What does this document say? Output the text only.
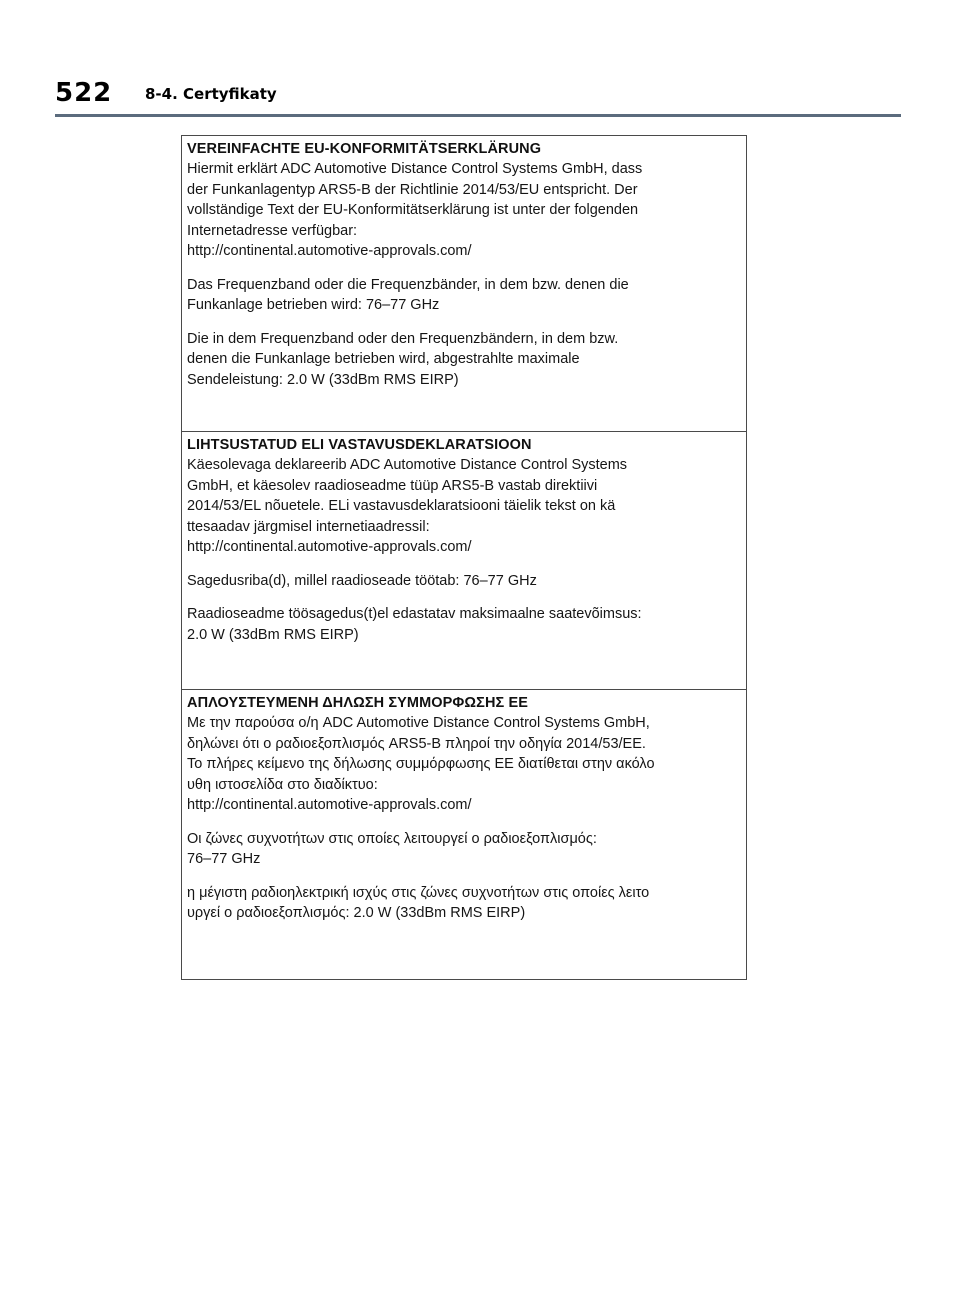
522 8-4. Certyfikaty
VEREINFACHTE EU-KONFORMITÄTSERKLÄRUNG
Hiermit erklärt ADC Automotive Distance Control Systems GmbH, dass
der Funkanlagentyp ARS5-B der Richtlinie 2014/53/EU entspricht. Der
vollständige Text der EU-Konformitätserklärung ist unter der folgenden
Internetadresse verfügbar:
http://continental.automotive-approvals.com/
Das Frequenzband oder die Frequenzbänder, in dem bzw. denen die
Funkanlage betrieben wird: 76–77 GHz
Die in dem Frequenzband oder den Frequenzbändern, in dem bzw.
denen die Funkanlage betrieben wird, abgestrahlte maximale
Sendeleistung: 2.0 W (33dBm RMS EIRP)
LIHTSUSTATUD ELI VASTAVUSDEKLARATSIOON
Käesolevaga deklareerib ADC Automotive Distance Control Systems
GmbH, et käesolev raadioseadme tüüp ARS5-B vastab direktiivi
2014/53/EL nõuetele. ELi vastavusdeklaratsiooni täielik tekst on kä
ttesaadav järgmisel internetiaadressil:
http://continental.automotive-approvals.com/
Sagedusriba(d), millel raadioseade töötab: 76–77 GHz
Raadioseadme töösagedus(t)el edastatav maksimaalne saatevõimsus:
2.0 W (33dBm RMS EIRP)
ΑΠΛΟΥΣΤΕΥΜΕΝΗ ΔΗΛΩΣΗ ΣΥΜΜΟΡΦΩΣΗΣ ΕΕ
Με την παρούσα ο/η ADC Automotive Distance Control Systems GmbH,
δηλώνει ότι ο ραδιοεξοπλισμός ARS5-B πληροί την οδηγία 2014/53/ΕΕ.
Το πλήρες κείμενο της δήλωσης συμμόρφωσης ΕΕ διατίθεται στην ακόλο
υθη ιστοσελίδα στο διαδίκτυο:
http://continental.automotive-approvals.com/
Οι ζώνες συχνοτήτων στις οποίες λειτουργεί ο ραδιοεξοπλισμός:
76–77 GHz
η μέγιστη ραδιοηλεκτρική ισχύς στις ζώνες συχνοτήτων στις οποίες λειτο
υργεί ο ραδιοεξοπλισμός: 2.0 W (33dBm RMS EIRP)
